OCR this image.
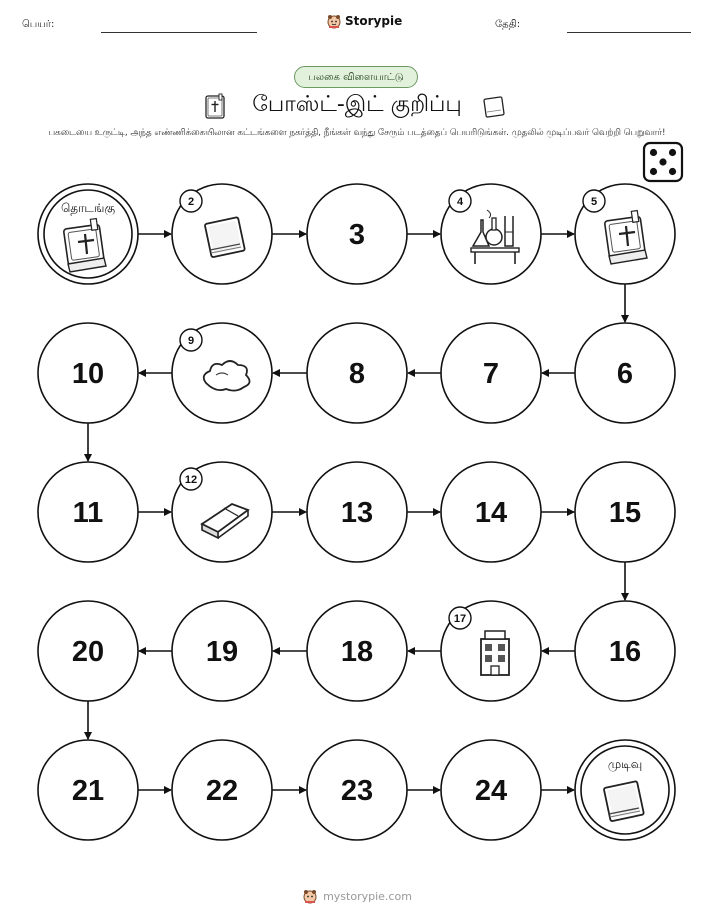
பெயர்:	Storypie	தேதி:
பலகை விளையாட்டு
போஸ்ட்-இட் குறிப்பு
பகடையை உருட்டி, அந்த எண்ணிக்கையிலான கட்டங்களை நகர்த்தி, நீங்கள் வந்து சேரும் படத்தைப் பெயரிடுங்கள். முதலில் முடிப்பவர் வெற்றி பெறுவார்!
தொடங்கு	2
3
4	5
6
7
8
9
10
11
12
13	14	15
16
17
18
19
20
21	22	23	24
முடிவு
mystorypie.com
